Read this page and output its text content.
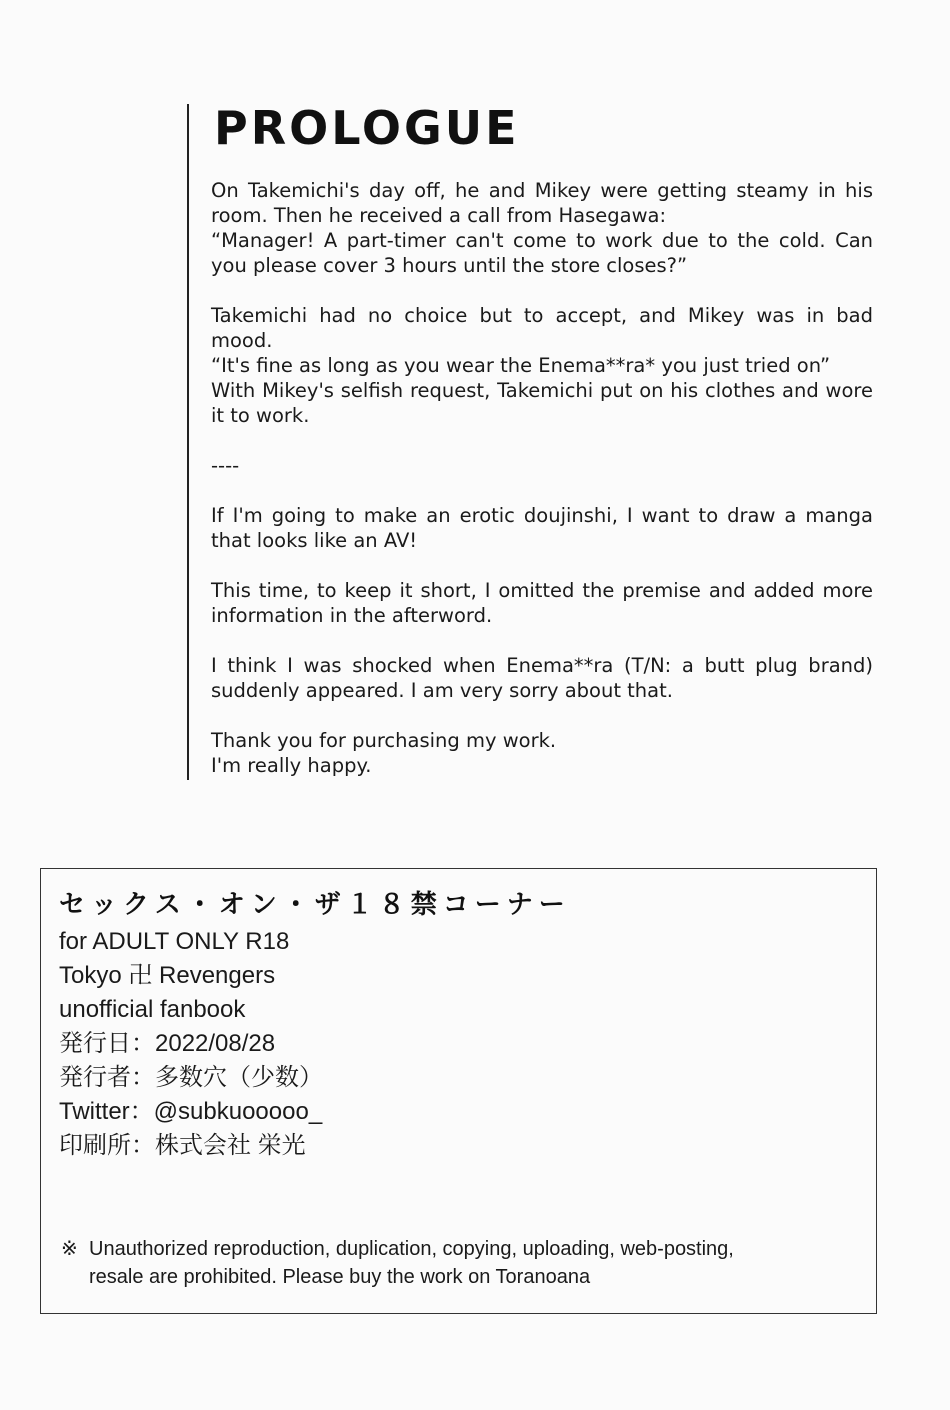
PROLOGUE

On Takemichi's day off, he and Mikey were getting steamy in his room. Then he received a call from Hasegawa:
“Manager! A part-timer can't come to work due to the cold. Can you please cover 3 hours until the store closes?”

Takemichi had no choice but to accept, and Mikey was in bad mood.
“It's fine as long as you wear the Enema**ra* you just tried on”
With Mikey's selfish request, Takemichi put on his clothes and wore it to work.

----

If I'm going to make an erotic doujinshi, I want to draw a manga that looks like an AV!

This time, to keep it short, I omitted the premise and added more information in the afterword.

I think I was shocked when Enema**ra (T/N: a butt plug brand) suddenly appeared. I am very sorry about that.

Thank you for purchasing my work.
I'm really happy.

セックス・オン・ザ１８禁コーナー
for ADULT ONLY R18
Tokyo 卍 Revengers
unofficial fanbook
発行日：2022/08/28
発行者：多数穴（少数）
Twitter：@subkuooooo_
印刷所：株式会社 栄光
※ Unauthorized reproduction, duplication, copying, uploading, web-posting,
resale are prohibited. Please buy the work on Toranoana
